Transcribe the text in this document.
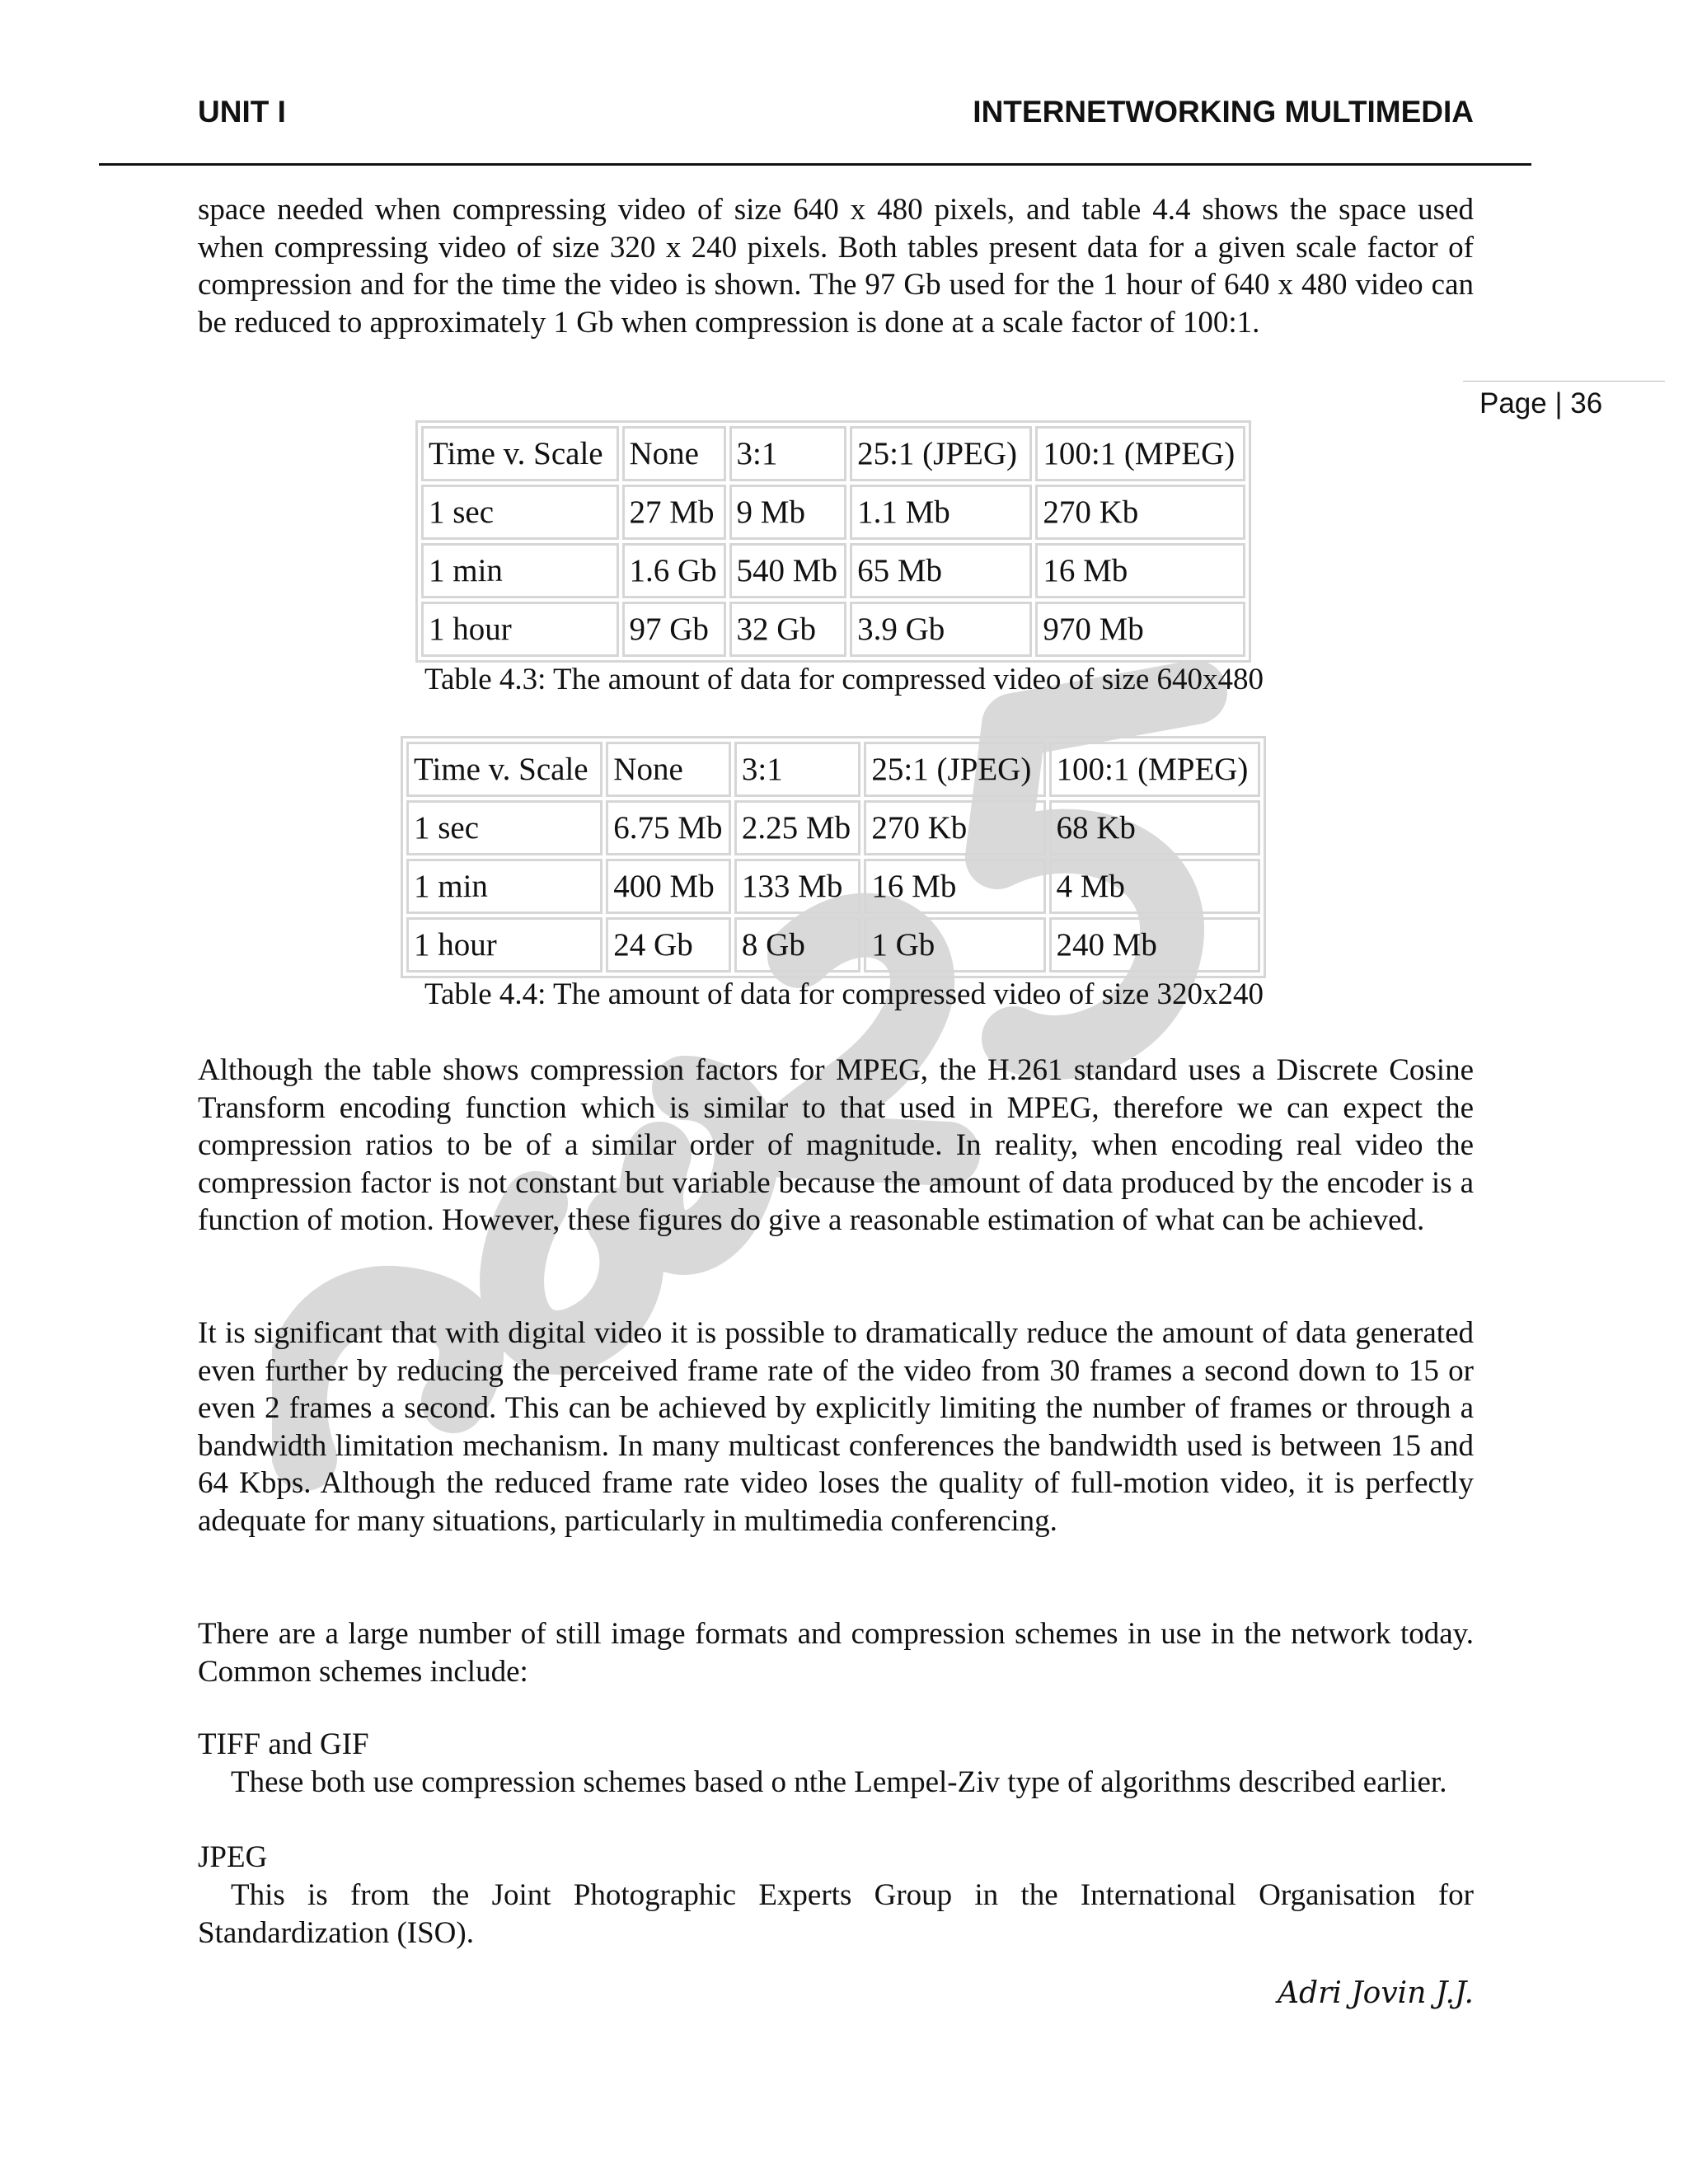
UNIT I	INTERNETWORKING MULTIMEDIA
Page | 36

space needed when compressing video of size 640 x 480 pixels, and table 4.4 shows the space used when compressing video of size 320 x 240 pixels. Both tables present data for a given scale factor of compression and for the time the video is shown. The 97 Gb used for the 1 hour of 640 x 480 video can be reduced to approximately 1 Gb when compression is done at a scale factor of 100:1.

Time v. Scale	None	3:1	25:1 (JPEG)	100:1 (MPEG)
1 sec	27 Mb	9 Mb	1.1 Mb	270 Kb
1 min	1.6 Gb	540 Mb	65 Mb	16 Mb
1 hour	97 Gb	32 Gb	3.9 Gb	970 Mb
Table 4.3: The amount of data for compressed video of size 640x480
Time v. Scale	None	3:1	25:1 (JPEG)	100:1 (MPEG)
1 sec	6.75 Mb	2.25 Mb	270 Kb	68 Kb
1 min	400 Mb	133 Mb	16 Mb	4 Mb
1 hour	24 Gb	8 Gb	1 Gb	240 Mb
Table 4.4: The amount of data for compressed video of size 320x240

Although the table shows compression factors for MPEG, the H.261 standard uses a Discrete Cosine Transform encoding function which is similar to that used in MPEG, therefore we can expect the compression ratios to be of a similar order of magnitude. In reality, when encoding real video the compression factor is not constant but variable because the amount of data produced by the encoder is a function of motion. However, these figures do give a reasonable estimation of what can be achieved.

It is significant that with digital video it is possible to dramatically reduce the amount of data generated even further by reducing the perceived frame rate of the video from 30 frames a second down to 15 or even 2 frames a second. This can be achieved by explicitly limiting the number of frames or through a bandwidth limitation mechanism. In many multicast conferences the bandwidth used is between 15 and 64 Kbps. Although the reduced frame rate video loses the quality of full-motion video, it is perfectly adequate for many situations, particularly in multimedia conferencing.

There are a large number of still image formats and compression schemes in use in the network today. Common schemes include:

TIFF and GIF

These both use compression schemes based o nthe Lempel-Ziv type of algorithms described earlier.

JPEG

This is from the Joint Photographic Experts Group in the International Organisation for Standardization (ISO).

Adri Jovin J.J.
